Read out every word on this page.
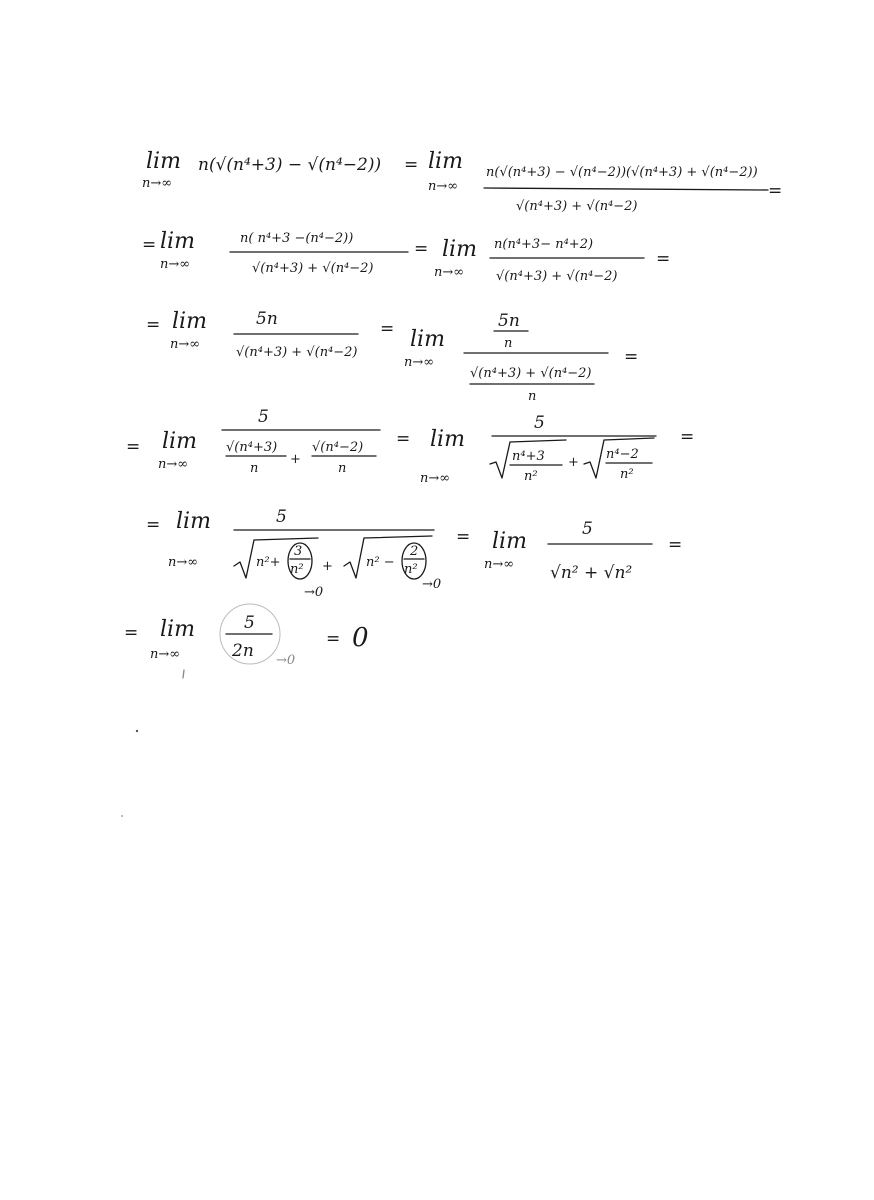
lim
n→∞
n(√(n⁴+3) − √(n⁴−2)) = lim
n→∞
n(√(n⁴+3) − √(n⁴−2))(√(n⁴+3) + √(n⁴−2))
√(n⁴+3) + √(n⁴−2)
=
= lim
n→∞
n( n⁴+3 −(n⁴−2))
√(n⁴+3) + √(n⁴−2)
= lim
n→∞
n(n⁴+3− n⁴+2)
√(n⁴+3) + √(n⁴−2)
=
= lim
n→∞
5n
√(n⁴+3) + √(n⁴−2)
= lim
n→∞
5n
n
√(n⁴+3) + √(n⁴−2)
n
=
= lim
n→∞
5
√(n⁴+3)
n
+
√(n⁴−2)
n
= lim
n→∞
5
n⁴+3
n²
+
n⁴−2
n²
=
= lim
n→∞
5
n²+
3
n²
→0
+	n² −
2
n²
→0
= lim
n→∞
5
√n² + √n²
=
= lim
n→∞
5
2n →0
= 0
